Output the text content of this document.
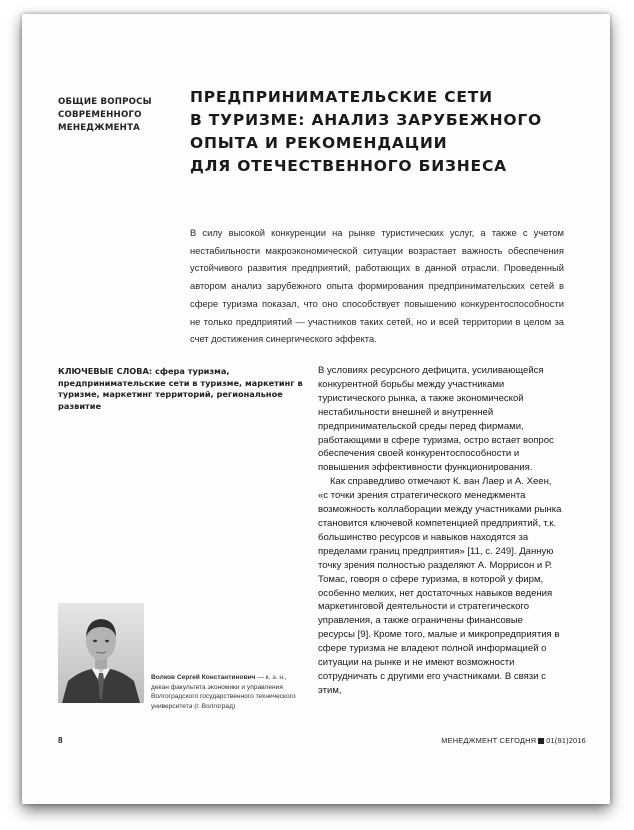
ОБЩИЕ ВОПРОСЫ
СОВРЕМЕННОГО
МЕНЕДЖМЕНТА
ПРЕДПРИНИМАТЕЛЬСКИЕ СЕТИ
В ТУРИЗМЕ: АНАЛИЗ ЗАРУБЕЖНОГО
ОПЫТА И РЕКОМЕНДАЦИИ
ДЛЯ ОТЕЧЕСТВЕННОГО БИЗНЕСА
В силу высокой конкуренции на рынке туристических услуг, а также с учетом нестабильности макроэкономической ситуации возрастает важность обеспечения устойчивого развития предприятий, работающих в данной отрасли. Проведенный автором анализ зарубежного опыта формирования предпринимательских сетей в сфере туризма показал, что оно способствует повышению конкурентоспособности не только предприятий — участников таких сетей, но и всей территории в целом за счет достижения синергического эффекта.
КЛЮЧЕВЫЕ СЛОВА: сфера туризма, предпринимательские сети в туризме, маркетинг в туризме, маркетинг территорий, региональное развитие

В условиях ресурсного дефицита, усиливающейся конкурентной борьбы между участниками туристического рынка, а также экономической нестабильности внешней и внутренней предпринимательской среды перед фирмами, работающими в сфере туризма, остро встает вопрос обеспечения своей конкурентоспособности и повышения эффективности функционирования.

Как справедливо отмечают К. ван Лаер и А. Хеен, «с точки зрения стратегического менеджмента возможность коллаборации между участниками рынка становится ключевой компетенцией предприятий, т.к. большинство ресурсов и навыков находятся за пределами границ предприятия» [11, с. 249]. Данную точку зрения полностью разделяют А. Моррисон и Р. Томас, говоря о сфере туризма, в которой у фирм, особенно мелких, нет достаточных навыков ведения маркетинговой деятельности и стратегического управления, а также ограничены финансовые ресурсы [9]. Кроме того, малые и микропредприятия в сфере туризма не владеют полной информацией о ситуации на рынке и не имеют возможности сотрудничать с другими его участниками. В связи с этим,

Волков Сергей Константинович — к. э. н., декан факультета экономики и управления Волгоградского государственного технического университета (г. Волгоград)
8	МЕНЕДЖМЕНТ СЕГОДНЯ 01(91)2016
